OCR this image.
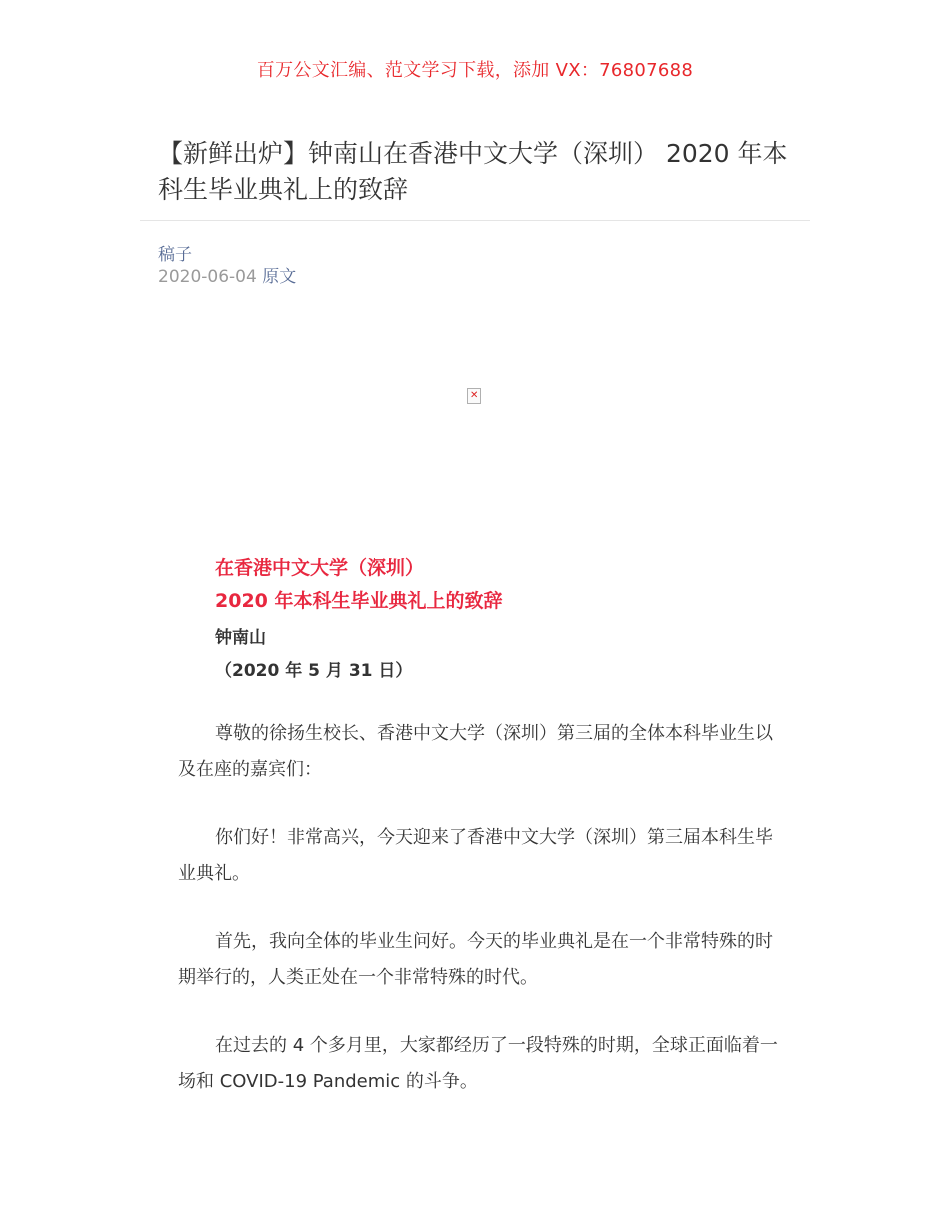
百万公文汇编、范文学习下载，添加 VX：76807688
【新鲜出炉】钟南山在香港中文大学（深圳） 2020 年本科生毕业典礼上的致辞
稿子
2020-06-04 原文
✕
在香港中文大学（深圳）
2020 年本科生毕业典礼上的致辞
钟南山
（2020 年 5 月 31 日）

尊敬的徐扬生校长、香港中文大学（深圳）第三届的全体本科毕业生以及在座的嘉宾们：

你们好！非常高兴，今天迎来了香港中文大学（深圳）第三届本科生毕业典礼。

首先，我向全体的毕业生问好。今天的毕业典礼是在一个非常特殊的时期举行的，人类正处在一个非常特殊的时代。

在过去的 4 个多月里，大家都经历了一段特殊的时期，全球正面临着一场和 COVID-19 Pandemic 的斗争。
